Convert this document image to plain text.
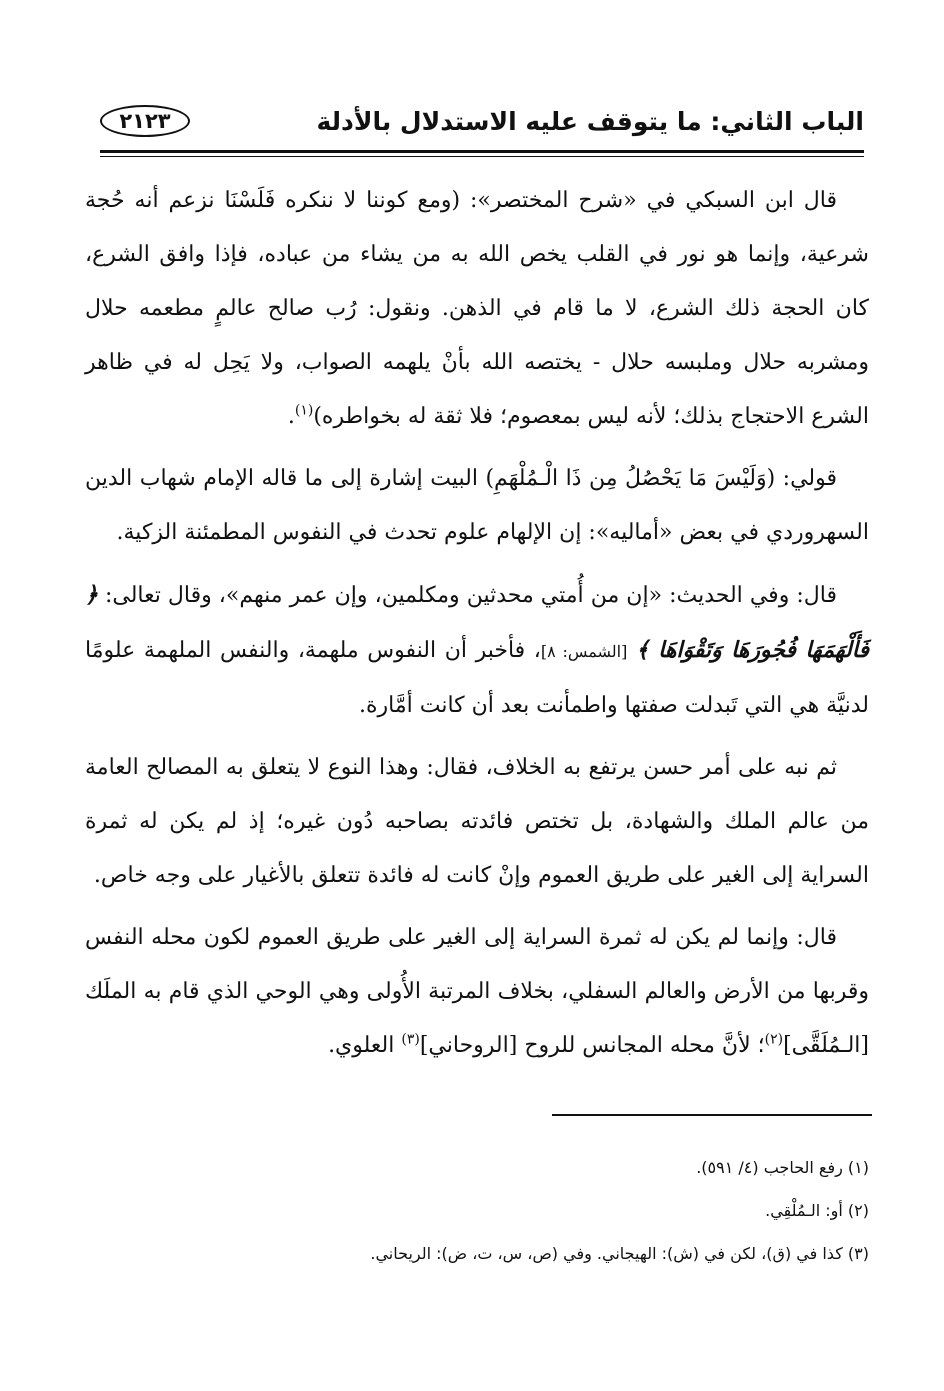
الباب الثاني: ما يتوقف عليه الاستدلال بالأدلة
٢١٢٣

قال ابن السبكي في «شرح المختصر»: (ومع كوننا لا ننكره فَلَسْنَا نزعم أنه حُجة شرعية، وإنما هو نور في القلب يخص الله به من يشاء من عباده، فإذا وافق الشرع، كان الحجة ذلك الشرع، لا ما قام في الذهن. ونقول: رُب صالح عالمٍ مطعمه حلال ومشربه حلال وملبسه حلال - يختصه الله بأنْ يلهمه الصواب، ولا يَحِل له في ظاهر الشرع الاحتجاج بذلك؛ لأنه ليس بمعصوم؛ فلا ثقة له بخواطره)$^{(١)}$.

قولي: (وَلَيْسَ مَا يَحْصُلُ مِن ذَا الْـمُلْهَمِ) البيت إشارة إلى ما قاله الإمام شهاب الدين السهروردي في بعض «أماليه»: إن الإلهام علوم تحدث في النفوس المطمئنة الزكية.

قال: وفي الحديث: «إن من أُمتي محدثين ومكلمين، وإن عمر منهم»، وقال تعالى: ﴿ فَأَلْهَمَهَا فُجُورَهَا وَتَقْوَاهَا ﴾ [الشمس: ٨]، فأخبر أن النفوس ملهمة، والنفس الملهمة علومًا لدنيَّة هي التي تَبدلت صفتها واطمأنت بعد أن كانت أمَّارة.

ثم نبه على أمر حسن يرتفع به الخلاف، فقال: وهذا النوع لا يتعلق به المصالح العامة من عالم الملك والشهادة، بل تختص فائدته بصاحبه دُون غيره؛ إذ لم يكن له ثمرة السراية إلى الغير على طريق العموم وإنْ كانت له فائدة تتعلق بالأغيار على وجه خاص.

قال: وإنما لم يكن له ثمرة السراية إلى الغير على طريق العموم لكون محله النفس وقربها من الأرض والعالم السفلي، بخلاف المرتبة الأُولى وهي الوحي الذي قام به الملَك [الـمُلَقَّى]$^{(٢)}$؛ لأنَّ محله المجانس للروح [الروحاني]$^{(٣)}$ العلوي.

(١) رفع الحاجب (٤/ ٥٩١).

(٢) أو: الـمُلْقِي.

(٣) كذا في (ق)، لكن في (ش): الهيجاني. وفي (ص، س، ت، ض): الريحاني.
